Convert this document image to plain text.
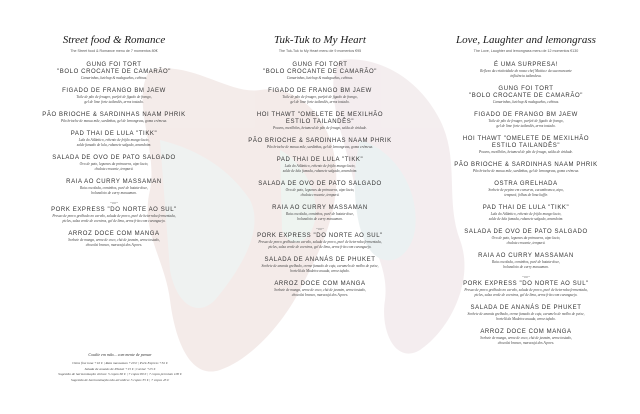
Street food & Romance
The Street food & Romance menu de 7 momentos 80€
GUNG FOI TORT
"BOLO CROCANTE DE CAMARÃO"
Camarinhas, ketchup & malagueñas, cebinas.
FIGADO DE FRANGO BM JAEW
Tuile de pão de fenugre, parfeit de figado de frango,
gel de lime forte tailandês, arroz tostado.
PÃO BRIOCHE & SARDINHAS NAAM PHRIK
Pão brioche de massa mãe, sardinhas, gel de lemongrass, goma crémeux.
PAD THAI DE LULA "TIKK"
Lula do Atlântico, rebento de feijão mungo lacto,
salde fumado de lula, rabanete salgado, amendoim.
SALADA DE OVO DE PATO SALGADO
Ovo de pato, legumes da primavera, aipo lacto,
chalota crocante, tempurá.
RAIA AO CURRY MASSAMAN
Raia cocolada, cominhos, purê de batata-doce,
bolonaloto de curry massaman.
~oo~
PORK EXPRESS "DO NORTE AO SUL"
Presuo de porco grelhado no carvão, salada de porco, purê de beterraba fermentada,
picles, salsa verde de coentros, gel de lima, arroz frito com caranguejo.
ARROZ DOCE COM MANGA
Sorbete de manga, arroz de coco, chá de jasmim, arroz tostado,
chocolat branco, maracujá dos Açores.
Tuk-Tuk to My Heart
The Tuk-Tuk to My Heart menu de 9 momentos €95
GUNG FOI TORT
"BOLO CROCANTE DE CAMARÃO"
Camarinhas, ketchup & malagueñas, cebinas.
FIGADO DE FRANGO BM JAEW
Tuile de pão de fenugre, parfeit de figado de frango,
gel de lime forte tailandês, arroz tostado.
HOI THAWT "OMELETE DE MEXILHÃO
ESTILO TAILANDÊS"
Pouvos, mexilhões, betumeal de pão de fenugo, salda de áridade.
PÃO BRIOCHE & SARDINHAS NAAM PHRIK
Pão brioche de massa mãe, sardinhas, gel de lemongrass, goma crémeux.
PAD THAI DE LULA "TIKK"
Lula do Atlântico, rebento de feijão mungo lacto,
salde de lula fumada, rabanete salgado, amendoim.
SALADA DE OVO DE PATO SALGADO
Ovo de pato, legumes da primavera, aipo lacto,
chalota crocante, tempurá.
RAIA AO CURRY MASSAMAN
Raia cocolada, cominhos, purê de batata-doce,
bolonaloto de curry massaman.
~oo~
PORK EXPRESS "DO NORTE AO SUL"
Presuo de porco grelhado no carvão, salada de porco, purê de beterraba fermentada,
picles, salsa verde de coentros, gel de lima, arroz frito com caranguejo.
SALADA DE ANANÁS DE PHUKET
Sorbete de ananás grelhado, creme fumado de caju, caramelo de molho de peixe,
hortelã da Madeira assada, arroz tufado.
ARROZ DOCE COM MANGA
Sorbete de manga, arroz de coco, chá de jasmim, arroz tostado,
chocolat branco, maracujá dos Açores.
Love, Laughter and lemongrass
The Love, Laughter and lemongrass menu de 12 momentos €130
É UMA SURPRESA!
Reflexo da criatividade do nosso chef Mattia e da sua marcante
influência tailandesa.
GUNG FOI TORT
"BOLO CROCANTE DE CAMARÃO"
Camarinhas, ketchup & malagueñas, cebinas.
FIGADO DE FRANGO BM JAEW
Tuile de pão de fenugre, parfeit de figado de frango,
gel de lime forte tailandês, arroz tostado.
HOI THAWT "OMELETE DE MEXILHÃO
ESTILO TAILANDÊS"
Pouvos, mexilhões, betumeal de pão de fenugo, salda de áridade.
PÃO BRIOCHE & SARDINHAS NAAM PHRIK
Pão brioche de massa mãe, sardinhas, gel de lemongrass, goma crémeux.
OSTRA GRELHADA
Sorbete de pepino em conserva, cucumbranca, aipo,
tempurá, folhas de lima kaffir.
PAD THAI DE LULA "TIKK"
Lula do Atlântico, rebento de feijão mungo lacto,
salde de lula fumada, rabanete salgado, amendoim.
SALADA DE OVO DE PATO SALGADO
Ovo de pato, legumes da primavera, aipo lacto,
chalota crocante, tempurá.
RAIA AO CURRY MASSAMAN
Raia cocolada, cominhos, purê de batata-doce,
bolonaloto de curry massaman.
~oo~
PORK EXPRESS "DO NORTE AO SUL"
Presuo de porco grelhado no carvão, salada de porco, purê de beterraba fermentada,
picles, salsa verde de coentros, gel de lima, arroz frito com caranguejo.
SALADA DE ANANÁS DE PHUKET
Sorbete de ananás grelhado, creme fumado de caju, caramelo de molho de peixe,
hortelã da Madeira assada, arroz tufado.
ARROZ DOCE COM MANGA
Sorbete de manga, arroz de coco, chá de jasmim, arroz tostado,
chocolat branco, maracujá dos Açores.
Coutlie em mão... com mente de pensar
Ostra fine tuna +16 € | Raia massaman +20 € | Pork Express +32 €
Salada de ananás de Phuket +15 € | Caviar +25 €
Sugestão de harmonização vinhos: 5 copos 60 € | 7 copos 80 € | 7 copos premium 100 €
Sugestão de harmonização não alcoólica: 5 copos 35 € | 7 copos 45 €
